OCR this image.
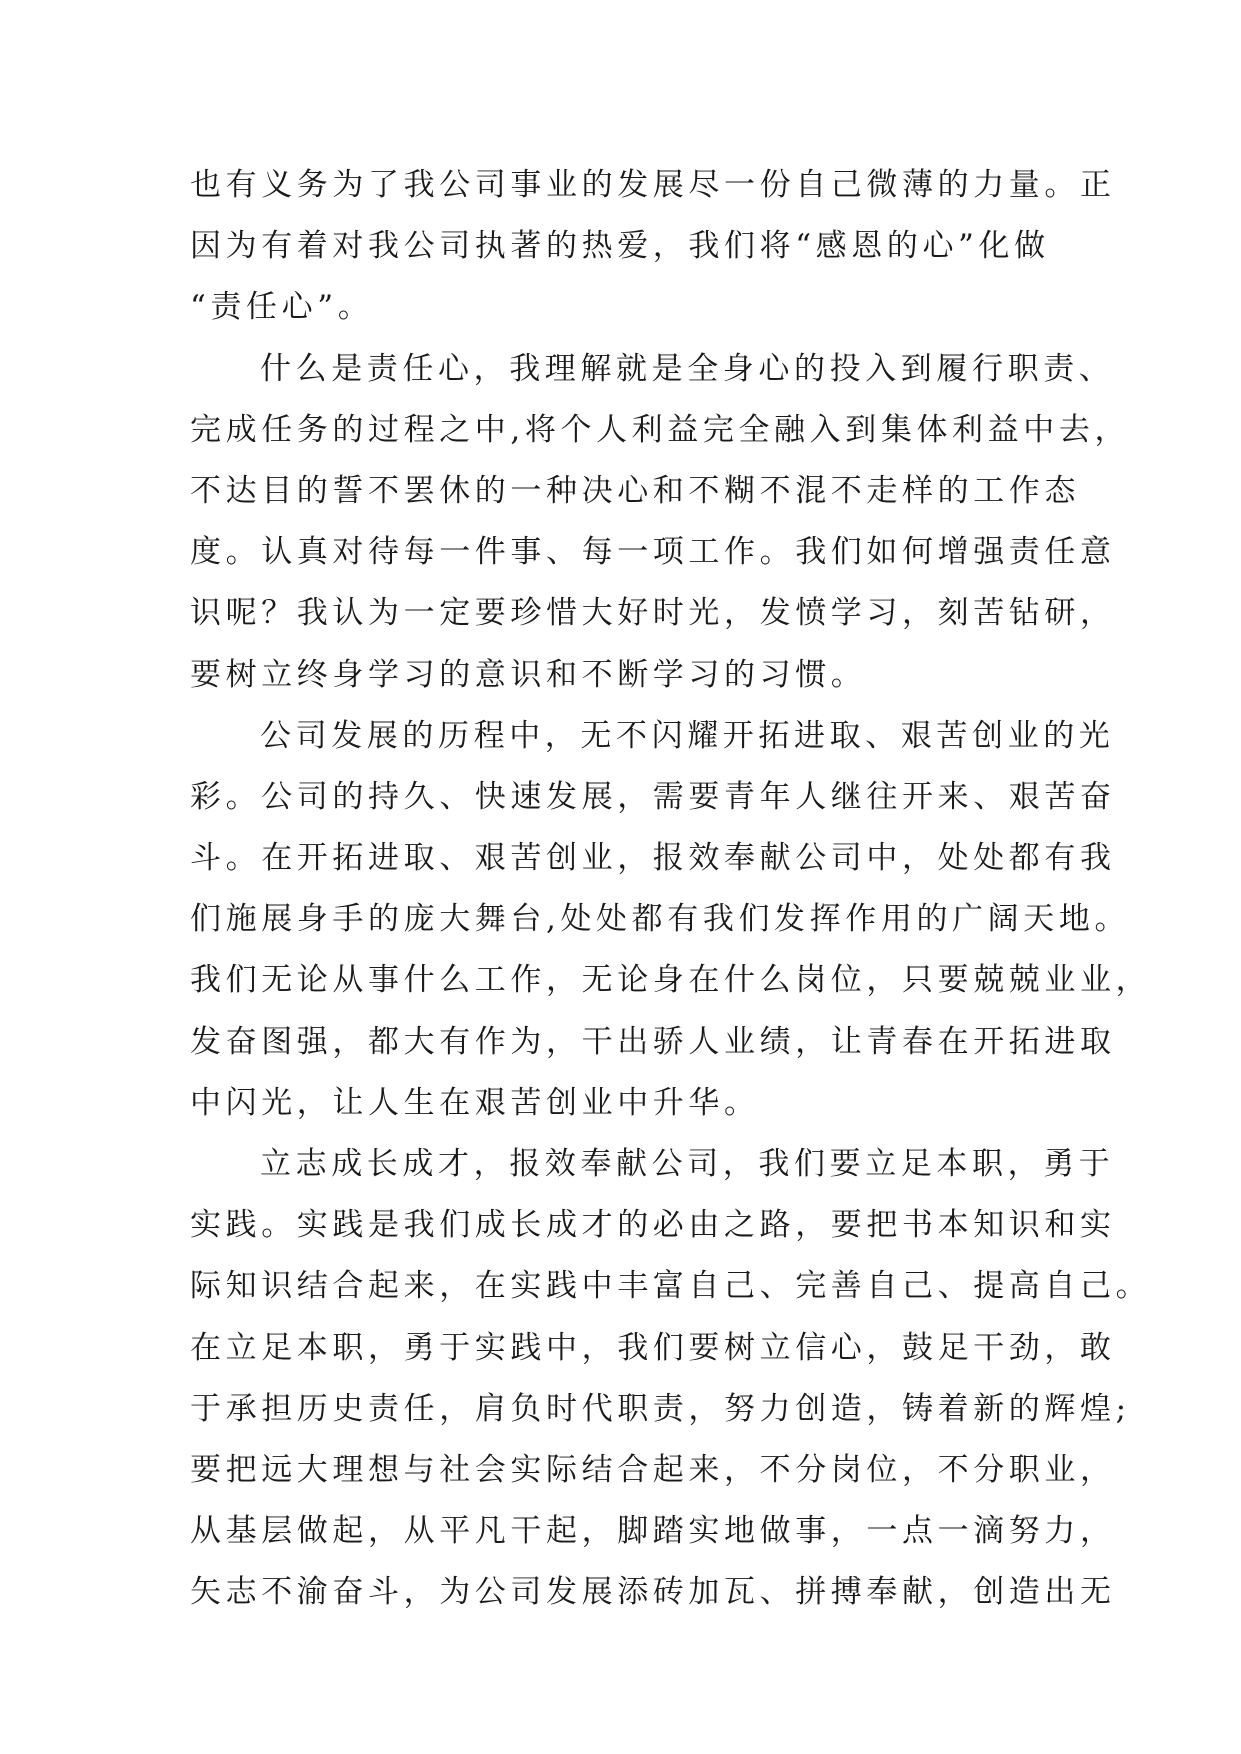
也有义务为了我公司事业的发展尽一份自己微薄的力量。正
因为有着对我公司执著的热爱，我们将“感恩的心”化做
“责任心”。
什么是责任心，我理解就是全身心的投入到履行职责、
完成任务的过程之中,将个人利益完全融入到集体利益中去，
不达目的誓不罢休的一种决心和不糊不混不走样的工作态
度。认真对待每一件事、每一项工作。我们如何增强责任意
识呢？我认为一定要珍惜大好时光，发愤学习，刻苦钻研，
要树立终身学习的意识和不断学习的习惯。
公司发展的历程中，无不闪耀开拓进取、艰苦创业的光
彩。公司的持久、快速发展，需要青年人继往开来、艰苦奋
斗。在开拓进取、艰苦创业，报效奉献公司中，处处都有我
们施展身手的庞大舞台,处处都有我们发挥作用的广阔天地。
我们无论从事什么工作，无论身在什么岗位，只要兢兢业业，
发奋图强，都大有作为，干出骄人业绩，让青春在开拓进取
中闪光，让人生在艰苦创业中升华。
立志成长成才，报效奉献公司，我们要立足本职，勇于
实践。实践是我们成长成才的必由之路，要把书本知识和实
际知识结合起来，在实践中丰富自己、完善自己、提高自己。
在立足本职，勇于实践中，我们要树立信心，鼓足干劲，敢
于承担历史责任，肩负时代职责，努力创造，铸着新的辉煌;
要把远大理想与社会实际结合起来，不分岗位，不分职业，
从基层做起，从平凡干起，脚踏实地做事，一点一滴努力，
矢志不渝奋斗，为公司发展添砖加瓦、拼搏奉献，创造出无
